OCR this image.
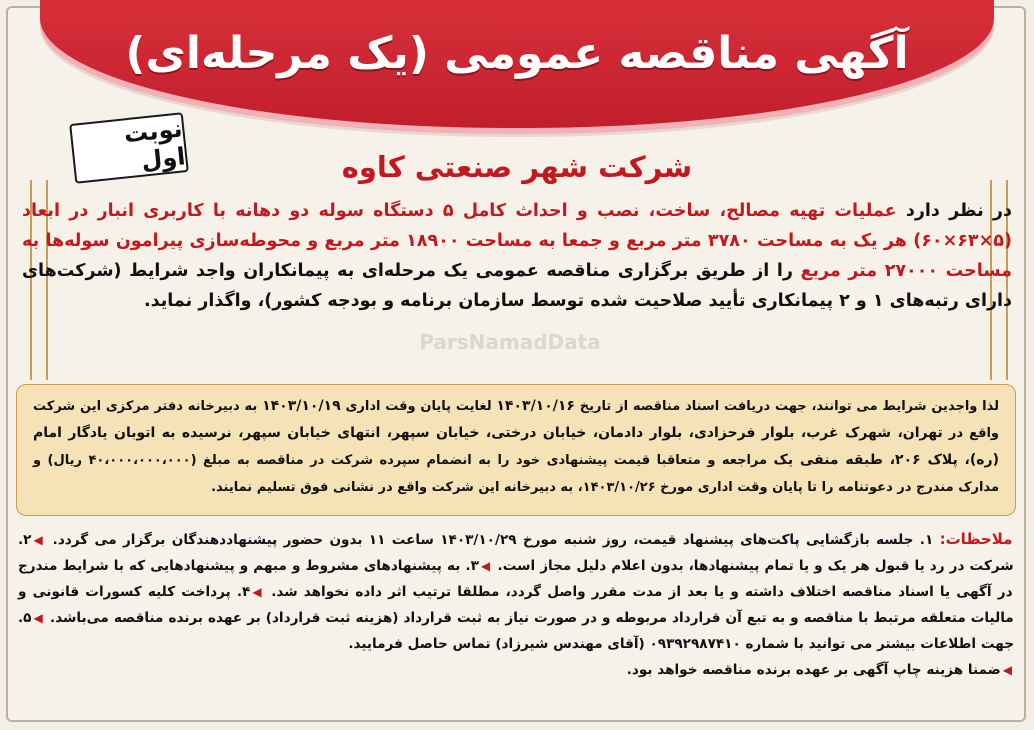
آگهی مناقصه عمومی (یک مرحله‌ای)
نوبت اول	شرکت شهر صنعتی کاوه
در نظر دارد عملیات تهیه مصالح، ساخت، نصب و احداث کامل ۵ دستگاه سوله دو دهانه با کاربری انبار در ابعاد (۵×۶۳×۶۰) هر یک به مساحت ۳۷۸۰ متر مربع و جمعا به مساحت ۱۸۹۰۰ متر مربع و محوطه‌سازی پیرامون سوله‌ها به مساحت ۲۷۰۰۰ متر مربع را از طریق برگزاری مناقصه عمومی یک مرحله‌ای به پیمانکاران واجد شرایط (شرکت‌های دارای رتبه‌های ۱ و ۲ پیمانکاری تأیید صلاحیت شده توسط سازمان برنامه و بودجه کشور)، واگذار نماید.
ParsNamadData
لذا واجدین شرایط می توانند، جهت دریافت اسناد مناقصه از تاریخ ۱۴۰۳/۱۰/۱۶ لغایت پایان وقت اداری ۱۴۰۳/۱۰/۱۹ به دبیرخانه دفتر مرکزی این شرکت واقع در تهران، شهرک غرب، بلوار فرحزادی، بلوار دادمان، خیابان درختی، خیابان سپهر، انتهای خیابان سپهر، نرسیده به اتوبان یادگار امام (ره)، پلاک ۲۰۶، طبقه منفی یک مراجعه و متعاقبا قیمت پیشنهادی خود را به انضمام سپرده شرکت در مناقصه به مبلغ (۴۰،۰۰۰،۰۰۰،۰۰۰ ریال) و مدارک مندرج در دعوتنامه را تا پایان وقت اداری مورخ ۱۴۰۳/۱۰/۲۶، به دبیرخانه این شرکت واقع در نشانی فوق تسلیم نمایند.
ملاحظات: ۱. جلسه بازگشایی پاکت‌های پیشنهاد قیمت، روز شنبه مورخ ۱۴۰۳/۱۰/۲۹ ساعت ۱۱ بدون حضور پیشنهاددهندگان برگزار می گردد. ◀۲. شرکت در رد یا قبول هر یک و یا تمام پیشنهادها، بدون اعلام دلیل مجاز است. ◀۳. به پیشنهادهای مشروط و مبهم و پیشنهادهایی که با شرایط مندرج در آگهی یا اسناد مناقصه اختلاف داشته و یا بعد از مدت مقرر واصل گردد، مطلقا ترتیب اثر داده نخواهد شد. ◀۴. پرداخت کلیه کسورات قانونی و مالیات متعلقه مرتبط با مناقصه و به تبع آن قرارداد مربوطه و در صورت نیاز به ثبت قرارداد (هزینه ثبت قرارداد) بر عهده برنده مناقصه می‌باشد. ◀۵. جهت اطلاعات بیشتر می توانید با شماره ۰۹۳۹۲۹۸۷۴۱۰ (آقای مهندس شیرزاد) تماس حاصل فرمایید.
◀ضمنا هزینه چاپ آگهی بر عهده برنده مناقصه خواهد بود.
